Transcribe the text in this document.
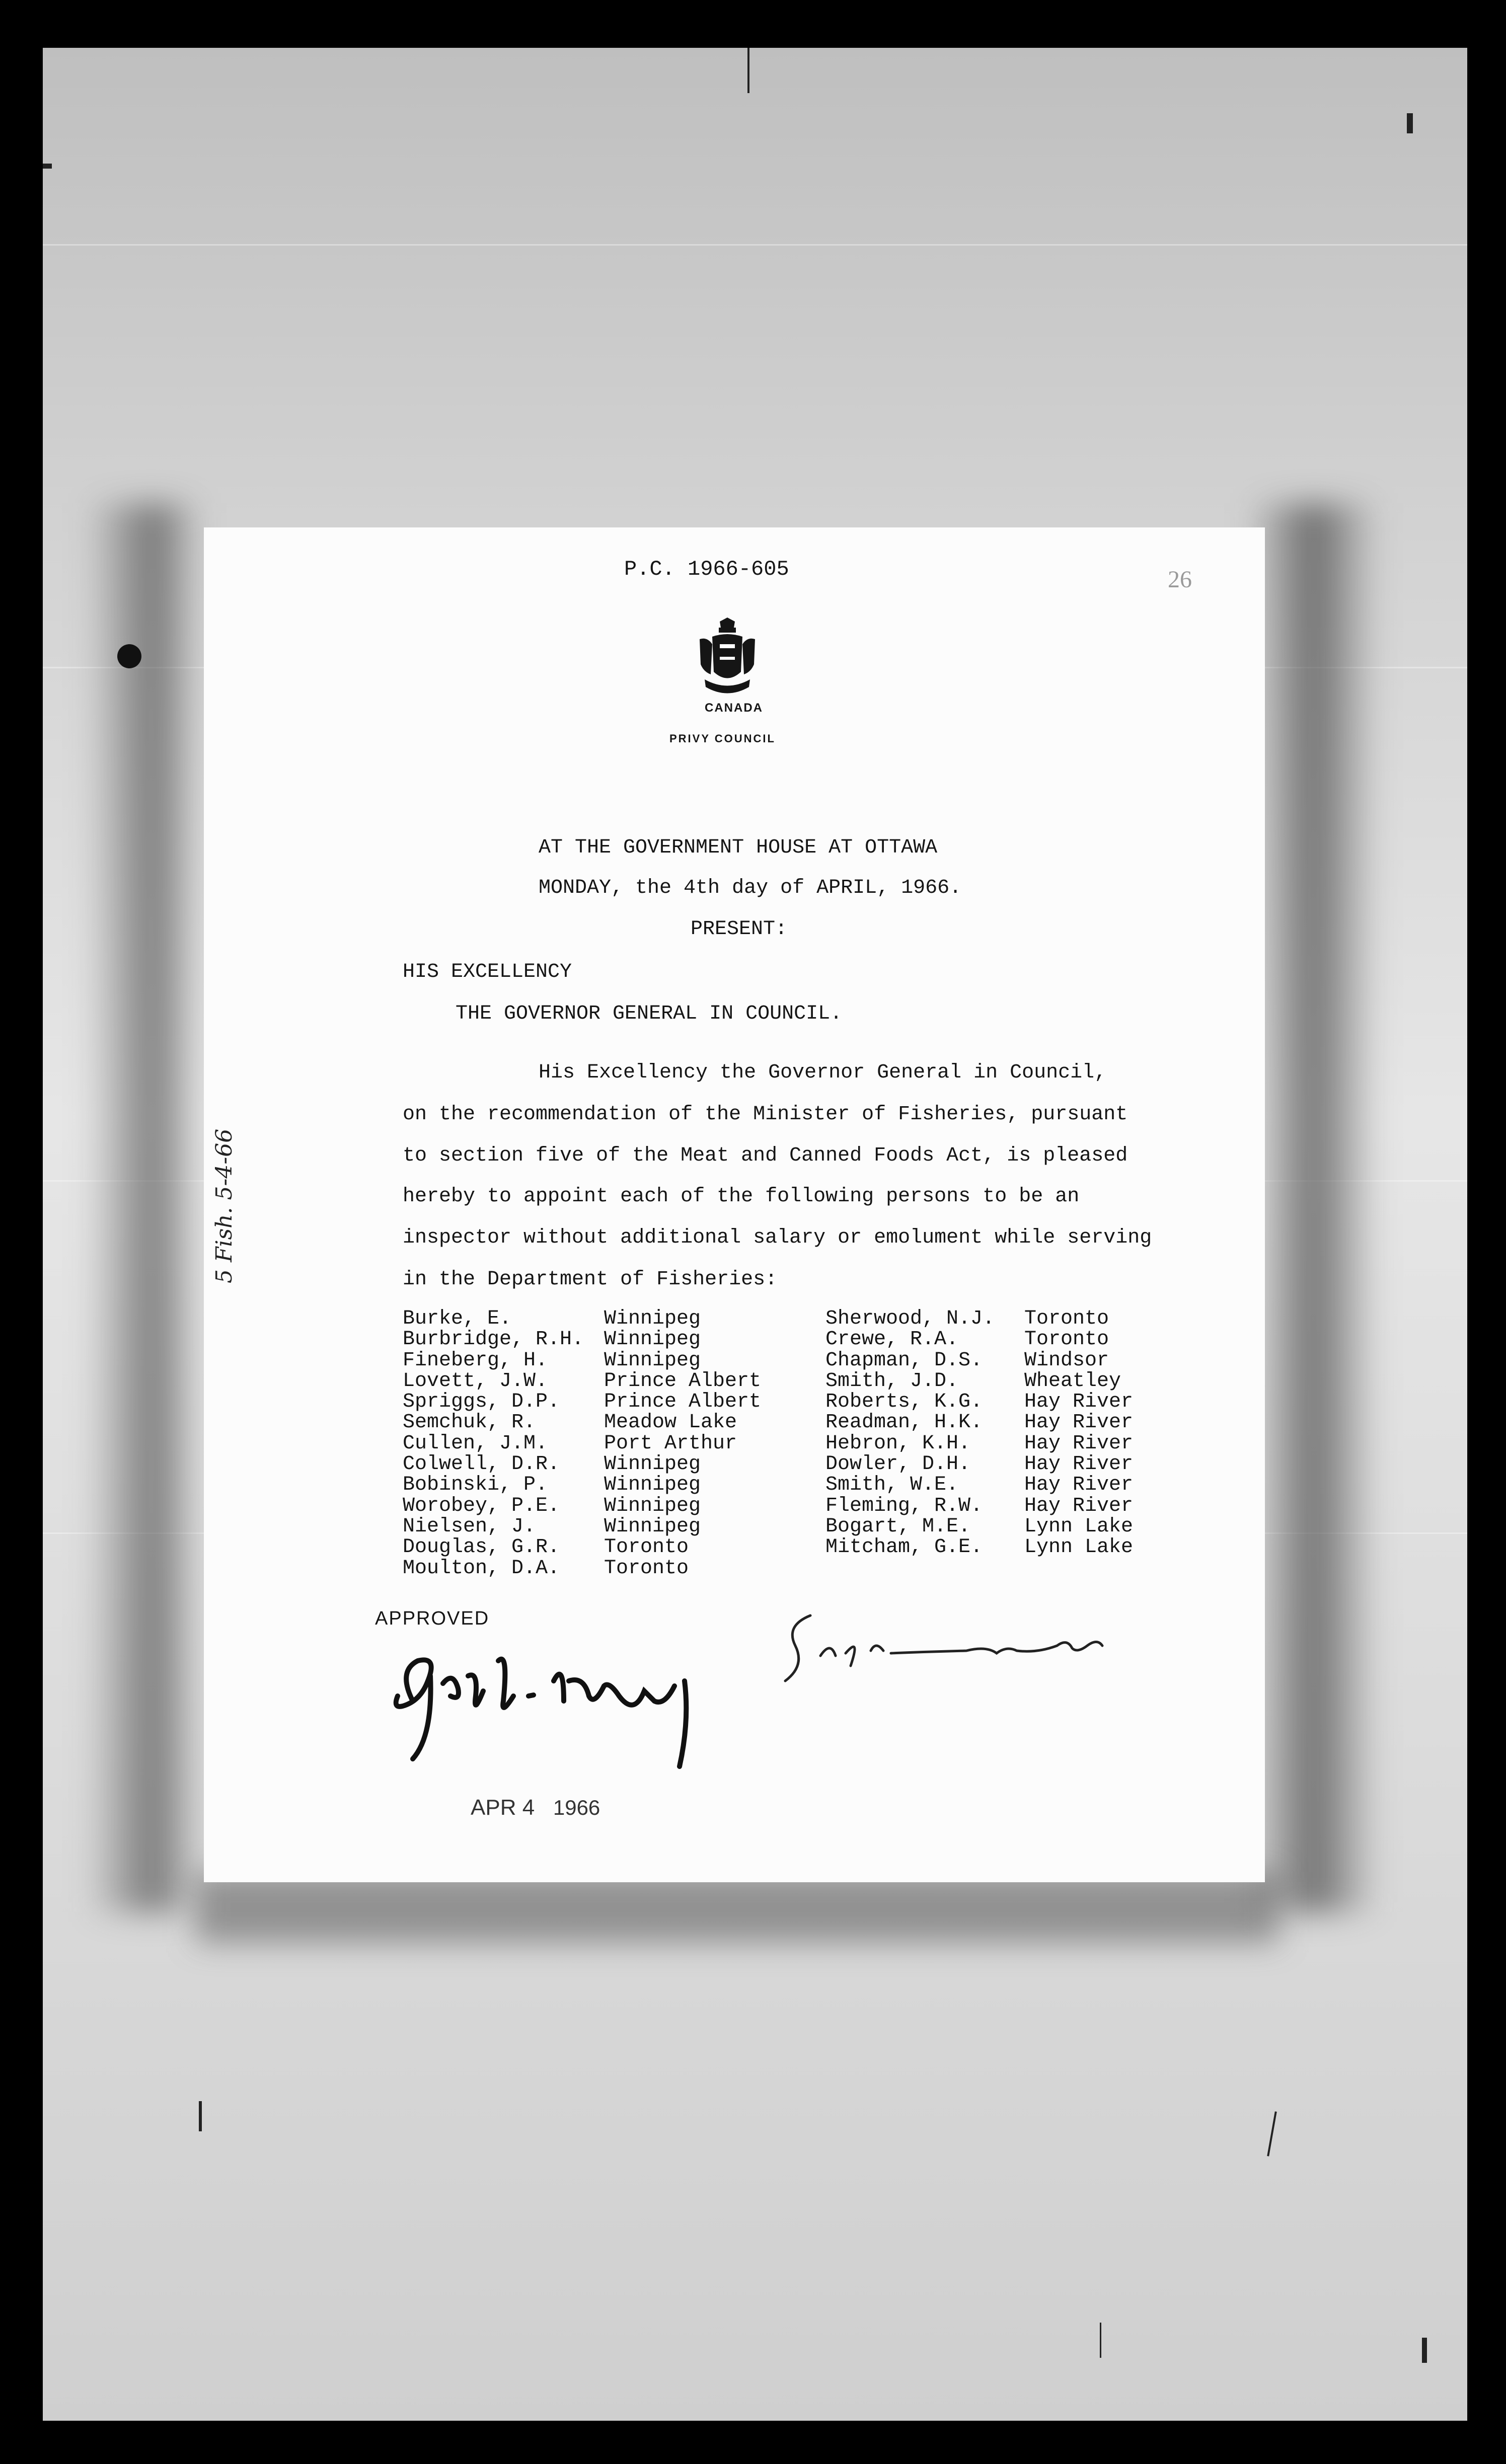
P.C. 1966-605	26
CANADA
PRIVY COUNCIL
AT THE GOVERNMENT HOUSE AT OTTAWA
MONDAY, the 4th day of APRIL, 1966.
PRESENT:
HIS EXCELLENCY
THE GOVERNOR GENERAL IN COUNCIL.
His Excellency the Governor General in Council,
on the recommendation of the Minister of Fisheries, pursuant
to section five of the Meat and Canned Foods Act, is pleased
hereby to appoint each of the following persons to be an
inspector without additional salary or emolument while serving
in the Department of Fisheries:
Burke, E.
Burbridge, R.H.
Fineberg, H.
Lovett, J.W.
Spriggs, D.P.
Semchuk, R.
Cullen, J.M.
Colwell, D.R.
Bobinski, P.
Worobey, P.E.
Nielsen, J.
Douglas, G.R.
Moulton, D.A.
Winnipeg
Winnipeg
Winnipeg
Prince Albert
Prince Albert
Meadow Lake
Port Arthur
Winnipeg
Winnipeg
Winnipeg
Winnipeg
Toronto
Toronto
Sherwood, N.J.
Crewe, R.A.
Chapman, D.S.
Smith, J.D.
Roberts, K.G.
Readman, H.K.
Hebron, K.H.
Dowler, D.H.
Smith, W.E.
Fleming, R.W.
Bogart, M.E.
Mitcham, G.E.
Toronto
Toronto
Windsor
Wheatley
Hay River
Hay River
Hay River
Hay River
Hay River
Hay River
Lynn Lake
Lynn Lake
APPROVED
APR 4 1966
5 Fish. 5-4-66
